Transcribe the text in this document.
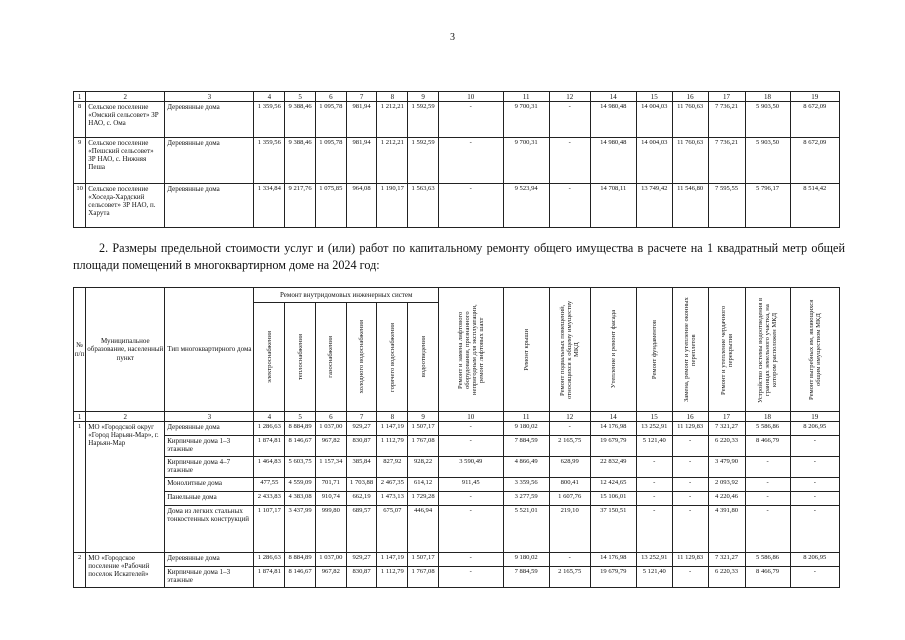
3
1	2	3	4	5	6	7	8	9	10	11	12	14	15	16	17	18	19
8	Сельское поселение «Омский сельсовет» ЗР НАО, с. Ома	Деревянные дома	1 359,56	9 388,46	1 095,78	981,94	1 212,21	1 592,59	-	9 700,31	-	14 980,48	14 004,03	11 760,63	7 736,21	5 903,50	8 672,09
9	Сельское поселение «Пешский сельсовет» ЗР НАО, с. Нижняя Пеша	Деревянные дома	1 359,56	9 388,46	1 095,78	981,94	1 212,21	1 592,59	-	9 700,31	-	14 980,48	14 004,03	11 760,63	7 736,21	5 903,50	8 672,09
10	Сельское поселение «Хоседа-Хардский сельсовет» ЗР НАО, п. Харута	Деревянные дома	1 334,84	9 217,76	1 075,85	964,08	1 190,17	1 563,63	-	9 523,94	-	14 708,11	13 749,42	11 546,80	7 595,55	5 796,17	8 514,42
2. Размеры предельной стоимости услуг и (или) работ по капитальному ремонту общего имущества в расчете на 1 квадратный метр общей площади помещений в многоквартирном доме на 2024 год:
№ п/п	Муниципальное образование, населенный пункт	Тип многоквартирного дома	Ремонт внутридомовых инженерных систем						Ремонт и замена лифтового оборудования, признанного непригодным для эксплуатации, ремонт лифтовых шахт	Ремонт крыши	Ремонт подвальных помещений, относящихся к общему имуществу МКД	Утепление и ремонт фасада	Ремонт фундаментов	Замена, ремонт и утепление оконных переплетов	Ремонт и утепление чердачного перекрытия	Устройство системы водоотведения в границах земельного участка, на котором расположен МКД	Ремонт выгребных ям, являющихся общим имуществом МКД

			электроснабжения	теплоснабжения	газоснабжения	холодного водоснабжения	горячего водоснабжения	водоотведения									

1	2	3	4	5	6	7	8	9	10	11	12	14	15	16	17	18	19
1	МО «Городской округ «Город Нарьян-Мар», г. Нарьян-Мар	Деревянные дома	1 286,63	8 884,89	1 037,00	929,27	1 147,19	1 507,17	-	9 180,02	-	14 176,98	13 252,91	11 129,83	7 321,27	5 586,86	8 206,95
		Кирпичные дома 1–3 этажные	1 874,81	8 146,67	967,82	830,87	1 112,79	1 767,08	-	7 884,59	2 165,75	19 679,79	5 121,40	-	6 220,33	8 466,79	-
		Кирпичные дома 4–7 этажные	1 464,83	5 603,75	1 157,34	385,84	827,92	928,22	3 590,49	4 866,49	628,99	22 832,49	-	-	3 479,90	-	-
		Монолитные дома	477,55	4 559,09	701,71	1 703,88	2 467,35	614,12	911,45	3 359,56	800,41	12 424,65	-	-	2 093,92	-	-
		Панельные дома	2 433,83	4 383,08	910,74	662,19	1 473,13	1 729,28	-	3 277,59	1 607,76	15 106,01	-	-	4 220,46	-	-
		Дома из легких стальных тонкостенных конструкций	1 107,17	3 437,99	999,80	689,57	675,07	446,94	-	5 521,01	219,10	37 150,51	-	-	4 391,80	-	-
2	МО «Городское поселение «Рабочий поселок Искателей»	Деревянные дома	1 286,63	8 884,89	1 037,00	929,27	1 147,19	1 507,17	-	9 180,02	-	14 176,98	13 252,91	11 129,83	7 321,27	5 586,86	8 206,95
		Кирпичные дома 1–3 этажные	1 874,81	8 146,67	967,82	830,87	1 112,79	1 767,08	-	7 884,59	2 165,75	19 679,79	5 121,40	-	6 220,33	8 466,79	-
